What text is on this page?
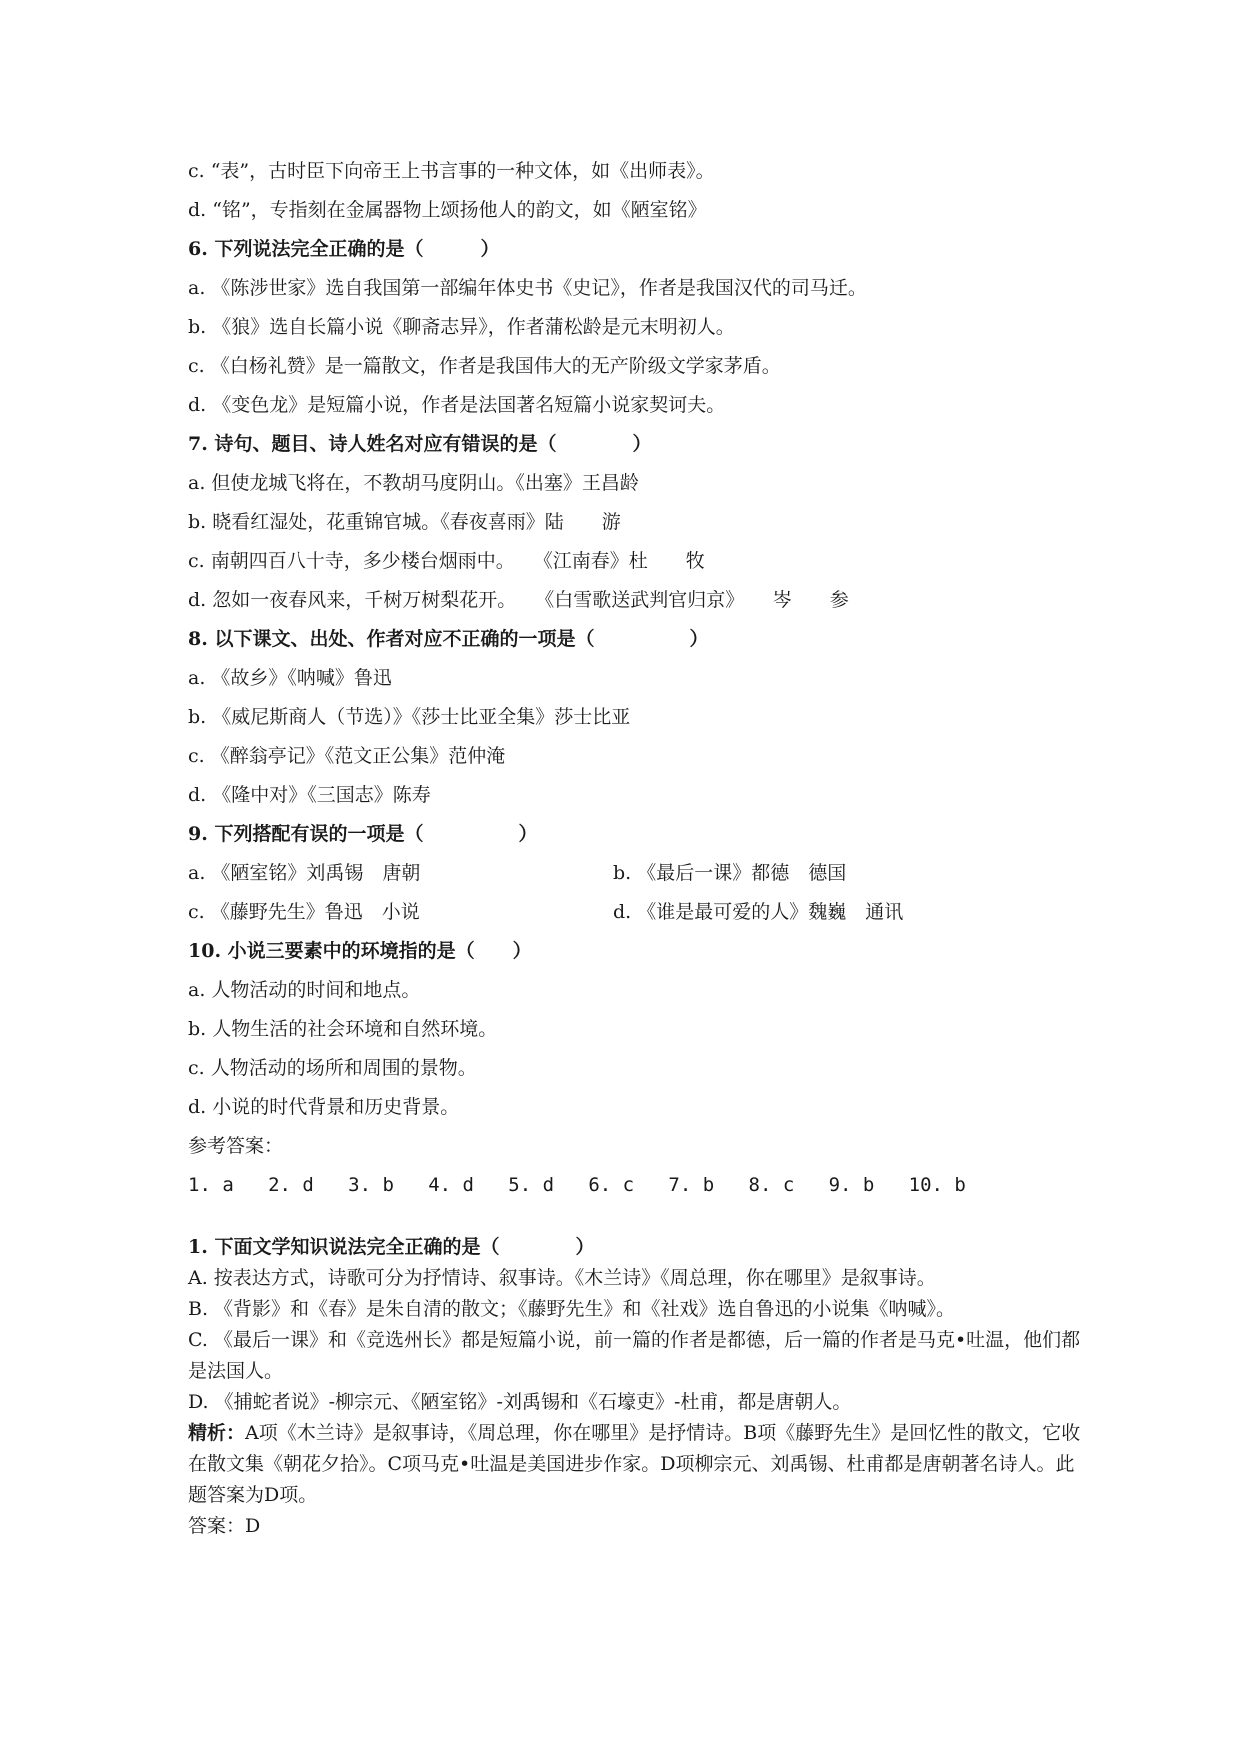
c. “表”，古时臣下向帝王上书言事的一种文体，如《出师表》。
d. “铭”，专指刻在金属器物上颂扬他人的韵文，如《陋室铭》
6. 下列说法完全正确的是（　　　）
a. 《陈涉世家》选自我国第一部编年体史书《史记》，作者是我国汉代的司马迁。
b. 《狼》选自长篇小说《聊斋志异》，作者蒲松龄是元末明初人。
c. 《白杨礼赞》是一篇散文，作者是我国伟大的无产阶级文学家茅盾。
d. 《变色龙》是短篇小说，作者是法国著名短篇小说家契诃夫。
7. 诗句、题目、诗人姓名对应有错误的是（　　　　）
a. 但使龙城飞将在，不教胡马度阴山。《出塞》王昌龄
b. 晓看红湿处，花重锦官城。《春夜喜雨》陆　　游
c. 南朝四百八十寺，多少楼台烟雨中。　　《江南春》杜　　牧
d. 忽如一夜春风来，千树万树梨花开。　　《白雪歌送武判官归京》　　岑　　参
8. 以下课文、出处、作者对应不正确的一项是（　　　　　）
a. 《故乡》《呐喊》鲁迅
b. 《威尼斯商人（节选）》《莎士比亚全集》莎士比亚
c. 《醉翁亭记》《范文正公集》范仲淹
d. 《隆中对》《三国志》陈寿
9. 下列搭配有误的一项是（　　　　　）
a. 《陋室铭》刘禹锡　唐朝	b. 《最后一课》都德　德国
c. 《藤野先生》鲁迅　小说	d. 《谁是最可爱的人》魏巍　通讯
10. 小说三要素中的环境指的是（　　）
a. 人物活动的时间和地点。
b. 人物生活的社会环境和自然环境。
c. 人物活动的场所和周围的景物。
d. 小说的时代背景和历史背景。
参考答案：
1. a   2. d   3. b   4. d   5. d   6. c   7. b   8. c   9. b   10. b
1. 下面文学知识说法完全正确的是（　　　　）

A. 按表达方式，诗歌可分为抒情诗、叙事诗。《木兰诗》《周总理，你在哪里》是叙事诗。

B. 《背影》和《春》是朱自清的散文；《藤野先生》和《社戏》选自鲁迅的小说集《呐喊》。

C. 《最后一课》和《竞选州长》都是短篇小说，前一篇的作者是都德，后一篇的作者是马克•吐温，他们都是法国人。

D. 《捕蛇者说》-柳宗元、《陋室铭》-刘禹锡和《石壕吏》-杜甫，都是唐朝人。

精析：A项《木兰诗》是叙事诗，《周总理，你在哪里》是抒情诗。B项《藤野先生》是回忆性的散文，它收在散文集《朝花夕拾》。C项马克•吐温是美国进步作家。D项柳宗元、刘禹锡、杜甫都是唐朝著名诗人。此题答案为D项。

答案：D
